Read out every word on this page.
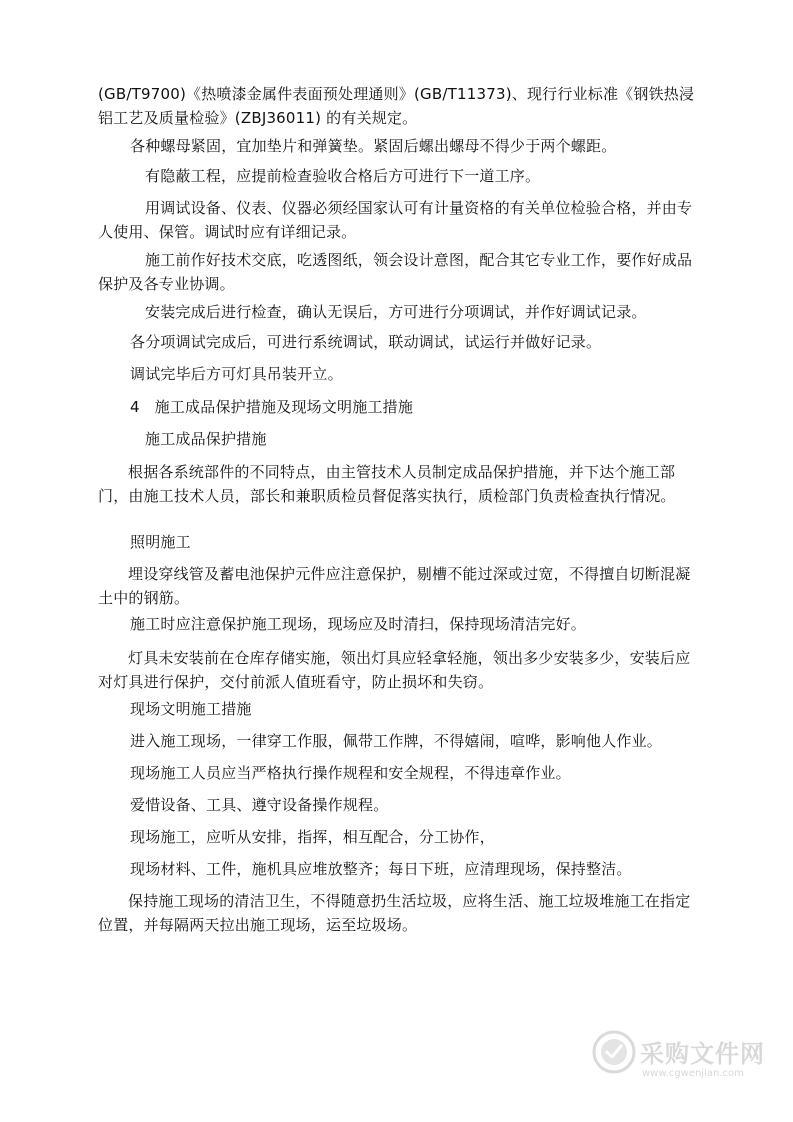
(GB/T9700)《热喷漆金属件表面预处理通则》(GB/T11373)、现行行业标准《钢铁热浸铝工艺及质量检验》(ZBJ36011) 的有关规定。
各种螺母紧固，宜加垫片和弹簧垫。紧固后螺出螺母不得少于两个螺距。
有隐蔽工程，应提前检查验收合格后方可进行下一道工序。
用调试设备、仪表、仪器必须经国家认可有计量资格的有关单位检验合格，并由专人使用、保管。调试时应有详细记录。
施工前作好技术交底，吃透图纸，领会设计意图，配合其它专业工作，要作好成品保护及各专业协调。
安装完成后进行检查，确认无误后，方可进行分项调试，并作好调试记录。
各分项调试完成后，可进行系统调试，联动调试，试运行并做好记录。
调试完毕后方可灯具吊装开立。
4   施工成品保护措施及现场文明施工措施
施工成品保护措施
根据各系统部件的不同特点，由主管技术人员制定成品保护措施，并下达个施工部门，由施工技术人员，部长和兼职质检员督促落实执行，质检部门负责检查执行情况。
照明施工
埋设穿线管及蓄电池保护元件应注意保护，剔槽不能过深或过宽，不得擅自切断混凝土中的钢筋。
施工时应注意保护施工现场，现场应及时清扫，保持现场清洁完好。
灯具未安装前在仓库存储实施，领出灯具应轻拿轻施，领出多少安装多少，安装后应对灯具进行保护，交付前派人值班看守，防止损坏和失窃。
现场文明施工措施
进入施工现场，一律穿工作服，佩带工作牌，不得嬉闹，喧哗，影响他人作业。
现场施工人员应当严格执行操作规程和安全规程，不得违章作业。
爱惜设备、工具、遵守设备操作规程。
现场施工，应听从安排，指挥，相互配合，分工协作，
现场材料、工件，施机具应堆放整齐；每日下班，应清理现场，保持整洁。
保持施工现场的清洁卫生，不得随意扔生活垃圾，应将生活、施工垃圾堆施工在指定位置，并每隔两天拉出施工现场，运至垃圾场。
采购文件网
www.cgwenjian.com
